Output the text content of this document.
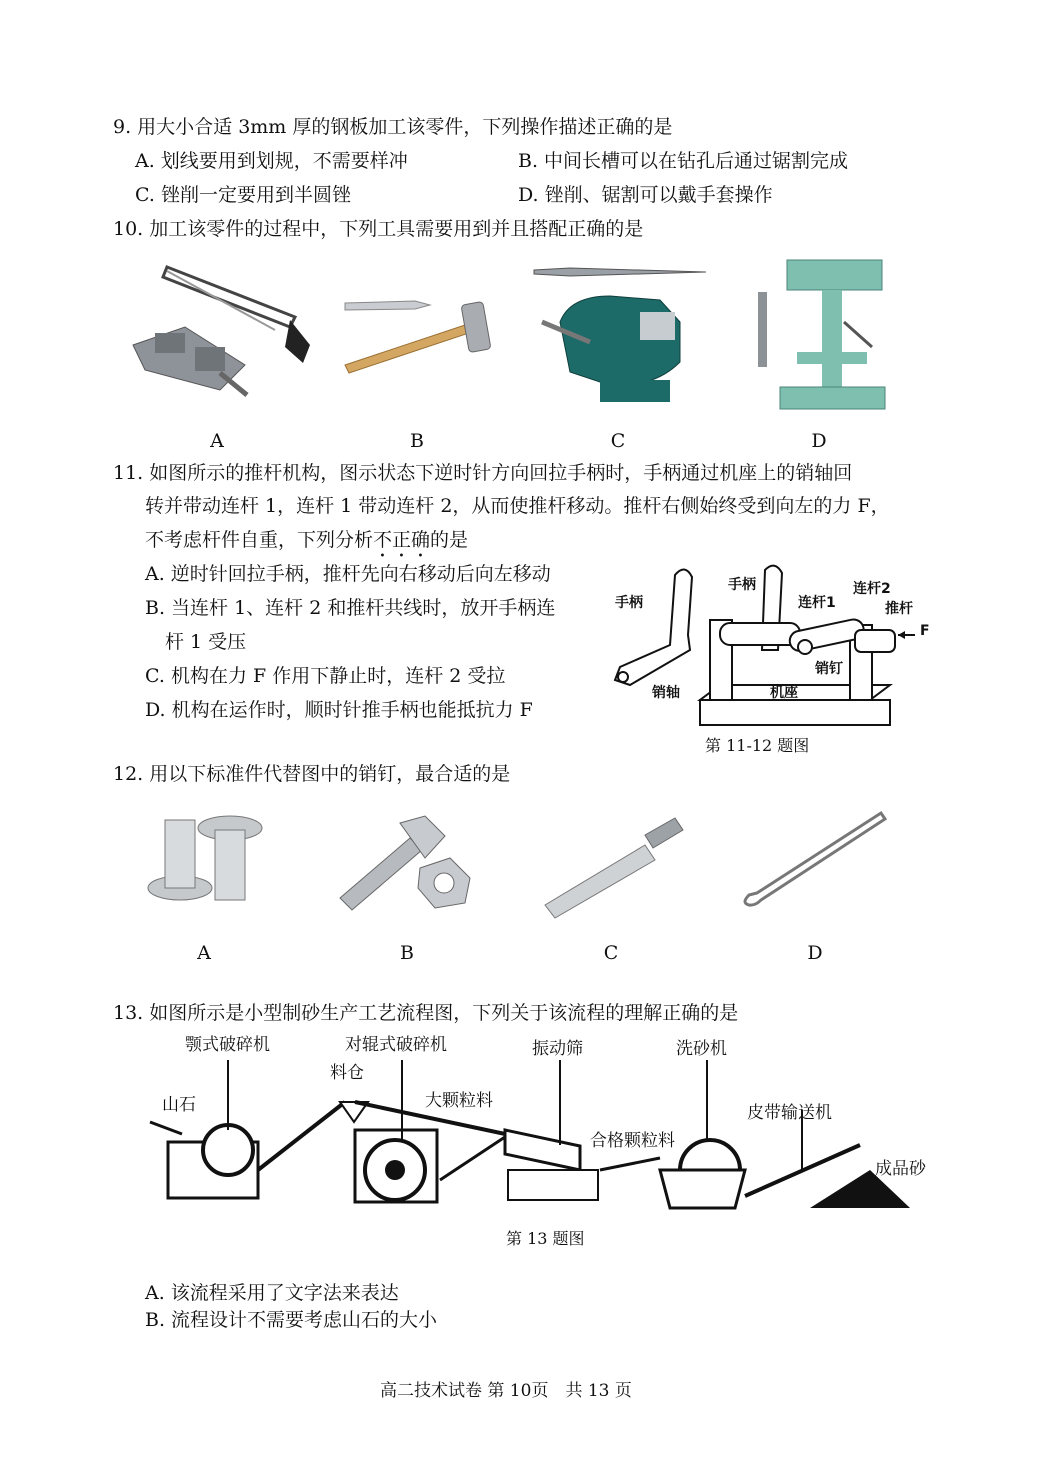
9. 用大小合适 3mm 厚的钢板加工该零件，下列操作描述正确的是
A. 划线要用到划规，不需要样冲	B. 中间长槽可以在钻孔后通过锯割完成
C. 锉削一定要用到半圆锉	D. 锉削、锯割可以戴手套操作
10. 加工该零件的过程中，下列工具需要用到并且搭配正确的是
A	B	C	D
11. 如图所示的推杆机构，图示状态下逆时针方向回拉手柄时，手柄通过机座上的销轴回
转并带动连杆 1，连杆 1 带动连杆 2，从而使推杆移动。推杆右侧始终受到向左的力 F，
不考虑杆件自重，下列分析不正确的是
A. 逆时针回拉手柄，推杆先向右移动后向左移动
B. 当连杆 1、连杆 2 和推杆共线时，放开手柄连
杆 1 受压
C. 机构在力 F 作用下静止时，连杆 2 受拉
D. 机构在运作时，顺时针推手柄也能抵抗力 F
手柄
手柄
连杆1
连杆2
推杆
F
销轴
销钉
机座
第 11-12 题图
12. 用以下标准件代替图中的销钉，最合适的是
A	B	C	D
13. 如图所示是小型制砂生产工艺流程图，下列关于该流程的理解正确的是
颚式破碎机	对辊式破碎机
料仓
山石	大颗粒料
振动筛
合格颗粒料
洗砂机
皮带输送机
成品砂
第 13 题图
A. 该流程采用了文字法来表达
B. 流程设计不需要考虑山石的大小
高二技术试卷 第 10页　共 13 页
